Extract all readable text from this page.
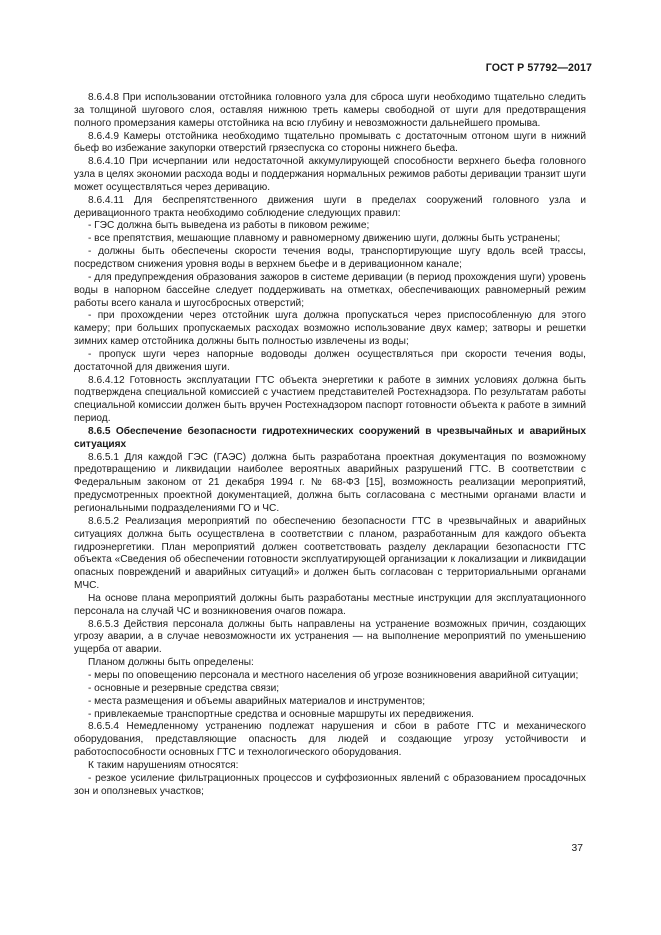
ГОСТ Р 57792—2017

8.6.4.8 При использовании отстойника головного узла для сброса шуги необходимо тщательно следить за толщиной шугового слоя, оставляя нижнюю треть камеры свободной от шуги для предотвращения полного промерзания камеры отстойника на всю глубину и невозможности дальнейшего промыва.

8.6.4.9 Камеры отстойника необходимо тщательно промывать с достаточным отгоном шуги в нижний бьеф во избежание закупорки отверстий грязеспуска со стороны нижнего бьефа.

8.6.4.10 При исчерпании или недостаточной аккумулирующей способности верхнего бьефа головного узла в целях экономии расхода воды и поддержания нормальных режимов работы деривации транзит шуги может осуществляться через деривацию.

8.6.4.11 Для беспрепятственного движения шуги в пределах сооружений головного узла и деривационного тракта необходимо соблюдение следующих правил:

- ГЭС должна быть выведена из работы в пиковом режиме;

- все препятствия, мешающие плавному и равномерному движению шуги, должны быть устранены;

- должны быть обеспечены скорости течения воды, транспортирующие шугу вдоль всей трассы, посредством снижения уровня воды в верхнем бьефе и в деривационном канале;

- для предупреждения образования зажоров в системе деривации (в период прохождения шуги) уровень воды в напорном бассейне следует поддерживать на отметках, обеспечивающих равномерный режим работы всего канала и шугосбросных отверстий;

- при прохождении через отстойник шуга должна пропускаться через приспособленную для этого камеру; при больших пропускаемых расходах возможно использование двух камер; затворы и решетки зимних камер отстойника должны быть полностью извлечены из воды;

- пропуск шуги через напорные водоводы должен осуществляться при скорости течения воды, достаточной для движения шуги.

8.6.4.12 Готовность эксплуатации ГТС объекта энергетики к работе в зимних условиях должна быть подтверждена специальной комиссией с участием представителей Ростехнадзора. По результатам работы специальной комиссии должен быть вручен Ростехнадзором паспорт готовности объекта к работе в зимний период.

8.6.5 Обеспечение безопасности гидротехнических сооружений в чрезвычайных и аварийных ситуациях

8.6.5.1 Для каждой ГЭС (ГАЭС) должна быть разработана проектная документация по возможному предотвращению и ликвидации наиболее вероятных аварийных разрушений ГТС. В соответствии с Федеральным законом от 21 декабря 1994 г. № 68-ФЗ [15], возможность реализации мероприятий, предусмотренных проектной документацией, должна быть согласована с местными органами власти и региональными подразделениями ГО и ЧС.

8.6.5.2 Реализация мероприятий по обеспечению безопасности ГТС в чрезвычайных и аварийных ситуациях должна быть осуществлена в соответствии с планом, разработанным для каждого объекта гидроэнергетики. План мероприятий должен соответствовать разделу декларации безопасности ГТС объекта «Сведения об обеспечении готовности эксплуатирующей организации к локализации и ликвидации опасных повреждений и аварийных ситуаций» и должен быть согласован с территориальными органами МЧС.

На основе плана мероприятий должны быть разработаны местные инструкции для эксплуатационного персонала на случай ЧС и возникновения очагов пожара.

8.6.5.3 Действия персонала должны быть направлены на устранение возможных причин, создающих угрозу аварии, а в случае невозможности их устранения — на выполнение мероприятий по уменьшению ущерба от аварии.

Планом должны быть определены:

- меры по оповещению персонала и местного населения об угрозе возникновения аварийной ситуации;

- основные и резервные средства связи;

- места размещения и объемы аварийных материалов и инструментов;

- привлекаемые транспортные средства и основные маршруты их передвижения.

8.6.5.4 Немедленному устранению подлежат нарушения и сбои в работе ГТС и механического оборудования, представляющие опасность для людей и создающие угрозу устойчивости и работоспособности основных ГТС и технологического оборудования.

К таким нарушениям относятся:

- резкое усиление фильтрационных процессов и суффозионных явлений с образованием просадочных зон и оползневых участков;

37
